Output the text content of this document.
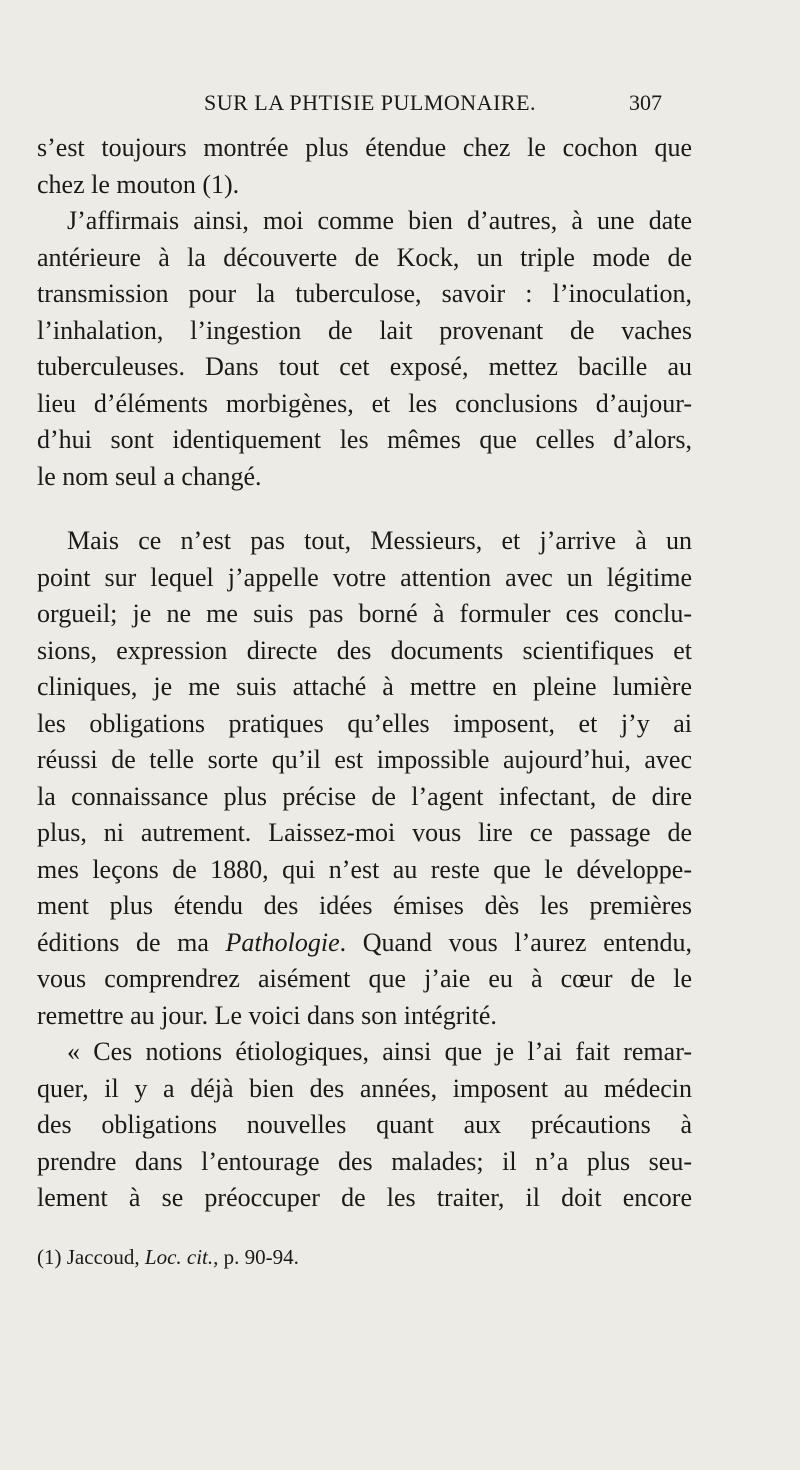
SUR LA PHTISIE PULMONAIRE.	307
s’est toujours montrée plus étendue chez le cochon que
chez le mouton (1).
J’affirmais ainsi, moi comme bien d’autres, à une date
antérieure à la découverte de Kock, un triple mode de
transmission pour la tuberculose, savoir : l’inoculation,
l’inhalation, l’ingestion de lait provenant de vaches
tuberculeuses. Dans tout cet exposé, mettez bacille au
lieu d’éléments morbigènes, et les conclusions d’aujour-
d’hui sont identiquement les mêmes que celles d’alors,
le nom seul a changé.
Mais ce n’est pas tout, Messieurs, et j’arrive à un
point sur lequel j’appelle votre attention avec un légitime
orgueil; je ne me suis pas borné à formuler ces conclu-
sions, expression directe des documents scientifiques et
cliniques, je me suis attaché à mettre en pleine lumière
les obligations pratiques qu’elles imposent, et j’y ai
réussi de telle sorte qu’il est impossible aujourd’hui, avec
la connaissance plus précise de l’agent infectant, de dire
plus, ni autrement. Laissez-moi vous lire ce passage de
mes leçons de 1880, qui n’est au reste que le développe-
ment plus étendu des idées émises dès les premières
éditions de ma Pathologie. Quand vous l’aurez entendu,
vous comprendrez aisément que j’aie eu à cœur de le
remettre au jour. Le voici dans son intégrité.
« Ces notions étiologiques, ainsi que je l’ai fait remar-
quer, il y a déjà bien des années, imposent au médecin
des obligations nouvelles quant aux précautions à
prendre dans l’entourage des malades; il n’a plus seu-
lement à se préoccuper de les traiter, il doit encore
(1) Jaccoud, Loc. cit., p. 90-94.
